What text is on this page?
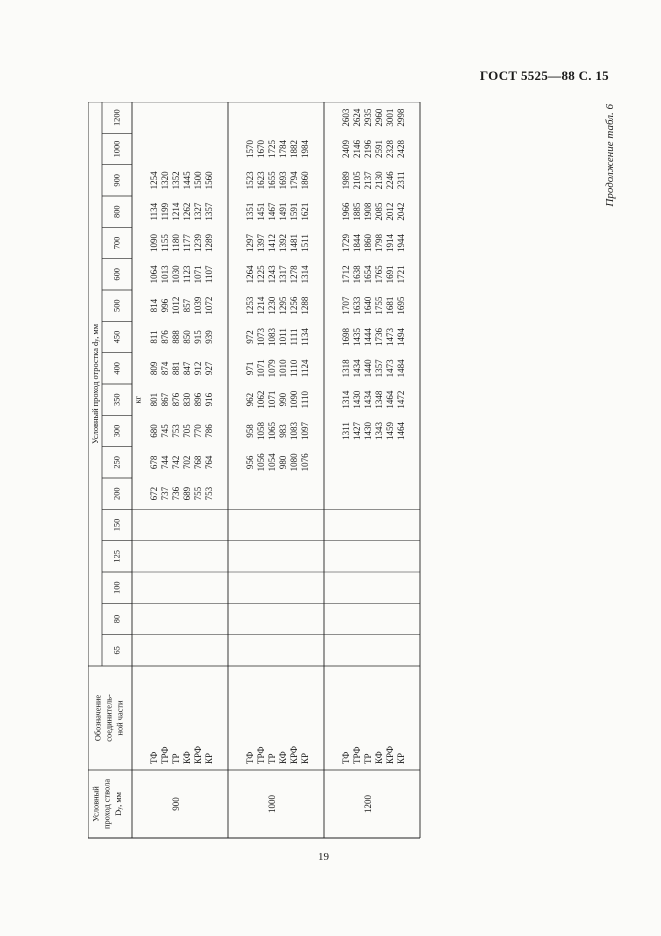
ГОСТ 5525—88 С. 15
Продолжение табл. 6
19
Условный проход ствола $D_у$, мм
Обозначение соединитель- ной части
Условный проход отростка $d_у$, мм
65
80
100
125
150
200
250
300
350
400
450
500
600
700
800
900
1000
1200
кг
900
ТФ ТРФ ТР КФ КРФ КР
672
678
680
801
809
811
814
1064
1090
1134
1254
737
744
745
867
874
876
996
1013
1155
1199
1320
736
742
753
876
881
888
1012
1030
1180
1214
1352
689
702
705
830
847
850
857
1123
1177
1262
1445
755
768
770
896
912
915
1039
1071
1239
1327
1500
753
764
786
916
927
939
1072
1107
1289
1357
1560
1000
ТФ ТРФ ТР КФ КРФ КР
956
958
962
971
972
1253
1264
1297
1351
1523
1570
1056
1058
1062
1071
1073
1214
1225
1397
1451
1623
1670
1054
1065
1071
1079
1083
1230
1243
1412
1467
1655
1725
980
983
990
1010
1011
1295
1317
1392
1491
1693
1784
1080
1083
1090
1110
1111
1256
1278
1481
1591
1794
1882
1076
1097
1110
1124
1134
1288
1314
1511
1621
1860
1984
1200
ТФ ТРФ ТР КФ КРФ КР
1311
1314
1318
1698
1707
1712
1729
1966
1989
2409
2603
1427
1430
1434
1435
1633
1638
1844
1885
2105
2146
2624
1430
1434
1440
1444
1640
1654
1860
1908
2137
2196
2935
1343
1348
1357
1736
1755
1765
1798
2085
2130
2591
2960
1459
1464
1473
1473
1681
1691
1914
2012
2246
2328
3001
1464
1472
1484
1494
1695
1721
1944
2042
2311
2428
2998
